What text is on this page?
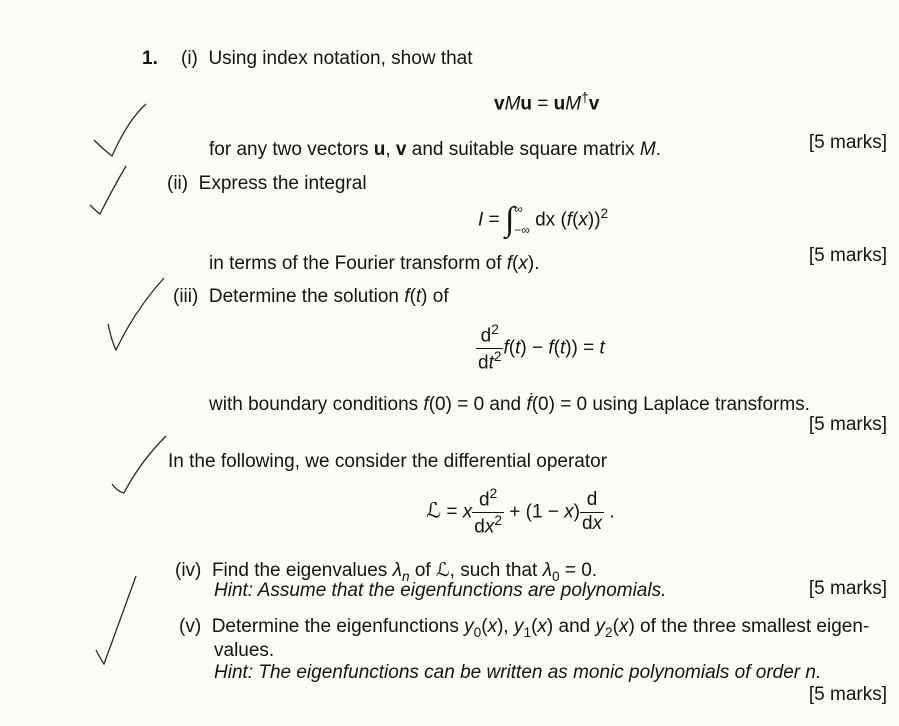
1. (i) Using index notation, show that
vMu = uM†v
for any two vectors u, v and suitable square matrix M.	[5 marks]
(ii) Express the integral
I = ∫ ∞
−∞ dx $(f(x))^2$
in terms of the Fourier transform of f(x).	[5 marks]
(iii)  Determine the solution f(t) of
$\frac{d^2}{dt^2} f(t) - f(t)) = t$
with boundary conditions f(0) = 0 and ḟ(0) = 0 using Laplace transforms.
[5 marks]
In the following, we consider the differential operator
ℒ = x $\frac{d^2}{dx^2} + (1 - x) \frac{d}{dx}$ .
(iv)  Find the eigenvalues $\lambda_n$ of ℒ, such that $\lambda_0 = 0$.
Hint: Assume that the eigenfunctions are polynomials.	[5 marks]
(v)  Determine the eigenfunctions $y_0(x)$, $y_1(x)$ and $y_2(x)$ of the three smallest eigen-
values.
Hint: The eigenfunctions can be written as monic polynomials of order n.
[5 marks]
